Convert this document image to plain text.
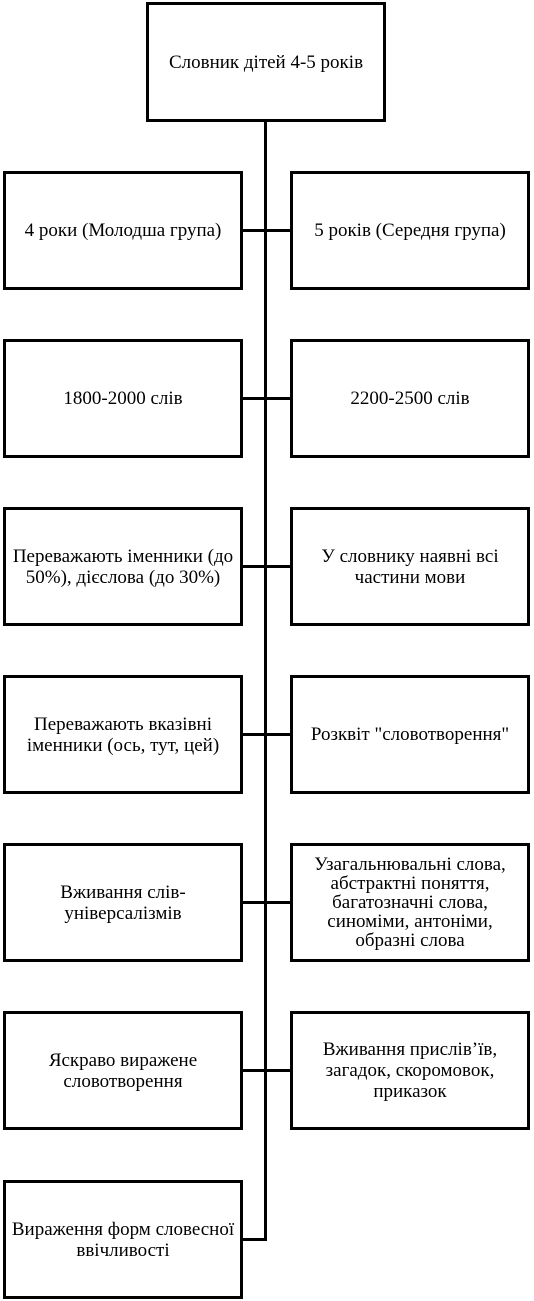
Словник дітей 4-5 років
4 роки (Молодша група)
1800-2000 слів
Переважають іменники (до 50%), дієслова (до 30%)
Переважають вказівні іменники (ось, тут, цей)
Вживання слів-універсалізмів
Яскраво виражене словотворення
Вираження форм словесної ввічливості
5 років (Середня група)
2200-2500 слів
У словнику наявні всі частини мови
Розквіт "словотворення"
Узагальнювальні слова, абстрактні поняття, багатозначні слова, синоміми, антоніми, образні слова
Вживання прислів’їв, загадок, скоромовок, приказок
